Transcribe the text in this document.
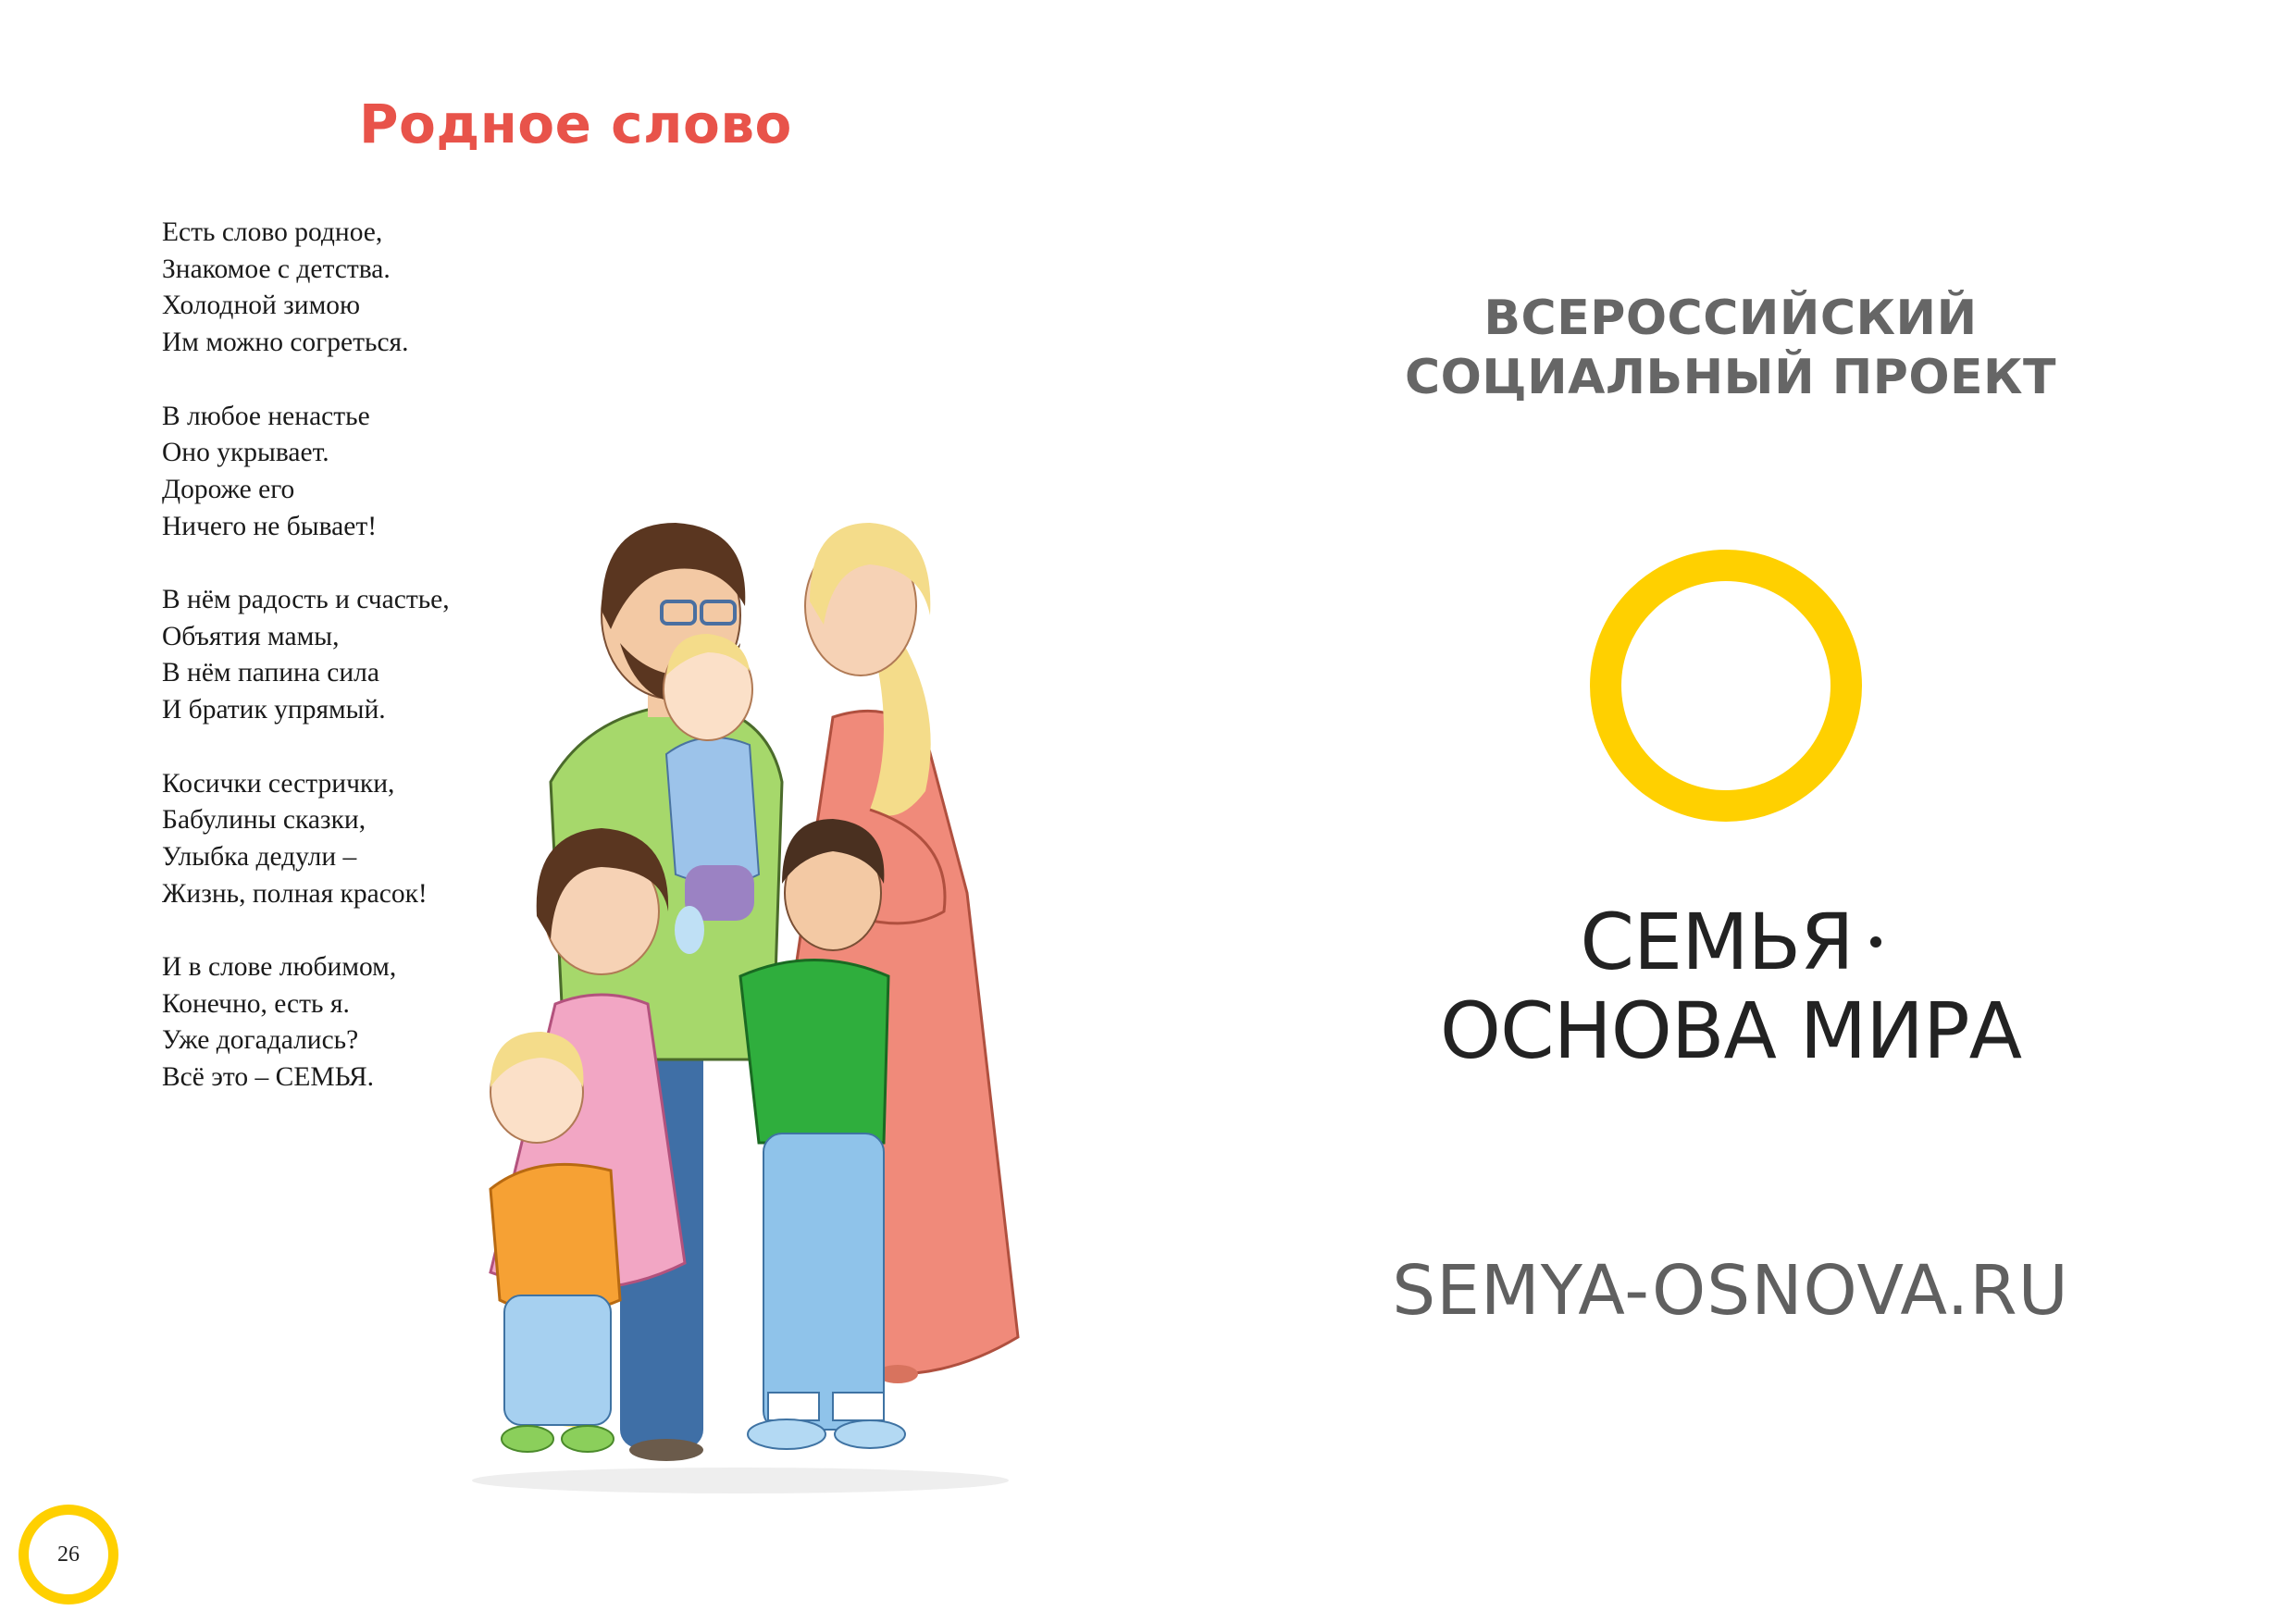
Родное слово
Есть слово родное,
Знакомое с детства.
Холодной зимою
Им можно согреться.
В любое ненастье
Оно укрывает.
Дороже его
Ничего не бывает!
В нём радость и счастье,
Объятия мамы,
В нём папина сила
И братик упрямый.
Косички сестрички,
Бабулины сказки,
Улыбка дедули –
Жизнь, полная красок!
И в слове любимом,
Конечно, есть я.
Уже догадались?
Всё это – СЕМЬЯ.
ВСЕРОССИЙСКИЙ
СОЦИАЛЬНЫЙ ПРОЕКТ
СЕМЬЯ
ОСНОВА МИРА
SEMYA-OSNOVA.RU
26
